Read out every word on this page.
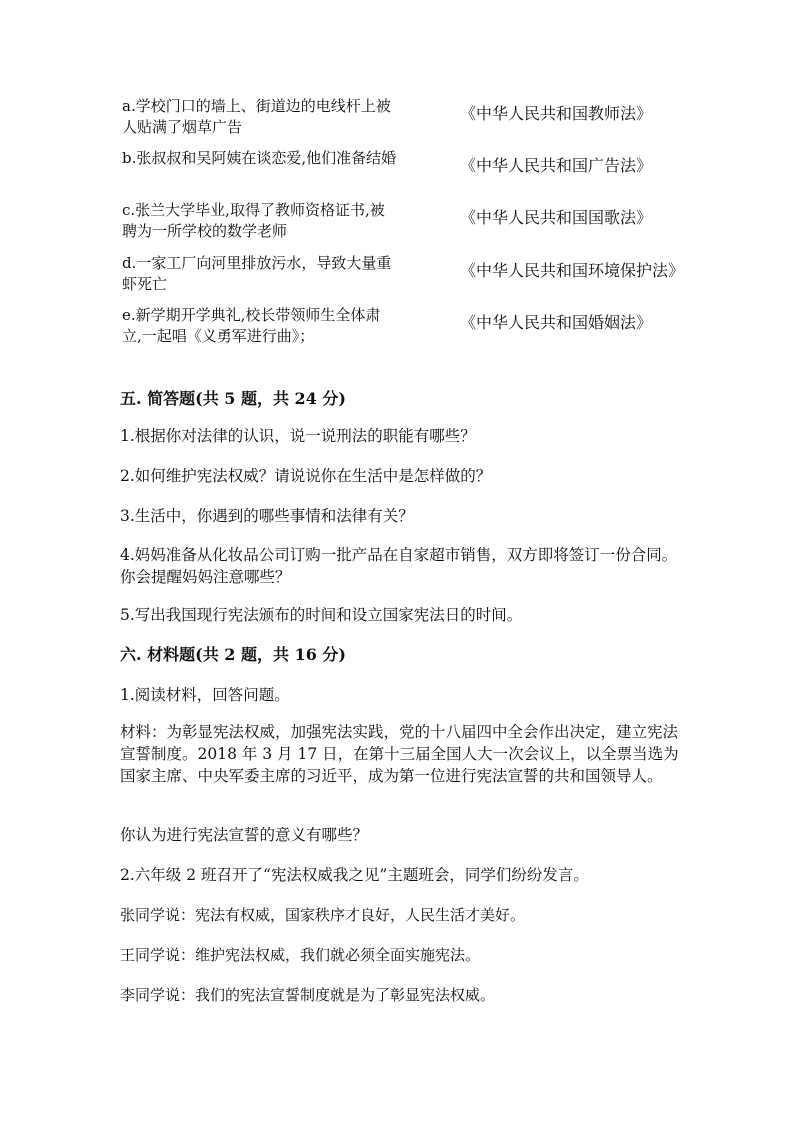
a.学校门口的墙上、街道边的电线杆上被人贴满了烟草广告
《中华人民共和国教师法》
b.张叔叔和吴阿姨在谈恋爱,他们准备结婚	《中华人民共和国广告法》
c.张兰大学毕业,取得了教师资格证书,被聘为一所学校的数学老师
《中华人民共和国国歌法》
d.一家工厂向河里排放污水，导致大量重虾死亡
《中华人民共和国环境保护法》
e.新学期开学典礼,校长带领师生全体肃立,一起唱《义勇军进行曲》；
《中华人民共和国婚姻法》
五. 简答题(共 5 题，共 24 分)
1.根据你对法律的认识，说一说刑法的职能有哪些？
2.如何维护宪法权威？请说说你在生活中是怎样做的？
3.生活中，你遇到的哪些事情和法律有关？
4.妈妈准备从化妆品公司订购一批产品在自家超市销售，双方即将签订一份合同。你会提醒妈妈注意哪些？
5.写出我国现行宪法颁布的时间和设立国家宪法日的时间。
六. 材料题(共 2 题，共 16 分)
1.阅读材料，回答问题。
材料：为彰显宪法权威，加强宪法实践，党的十八届四中全会作出决定，建立宪法宣誓制度。2018 年 3 月 17 日，在第十三届全国人大一次会议上，以全票当选为国家主席、中央军委主席的习近平，成为第一位进行宪法宣誓的共和国领导人。
你认为进行宪法宣誓的意义有哪些？
2.六年级 2 班召开了“宪法权威我之见”主题班会，同学们纷纷发言。
张同学说：宪法有权威，国家秩序才良好，人民生活才美好。
王同学说：维护宪法权威，我们就必须全面实施宪法。
李同学说：我们的宪法宣誓制度就是为了彰显宪法权威。
